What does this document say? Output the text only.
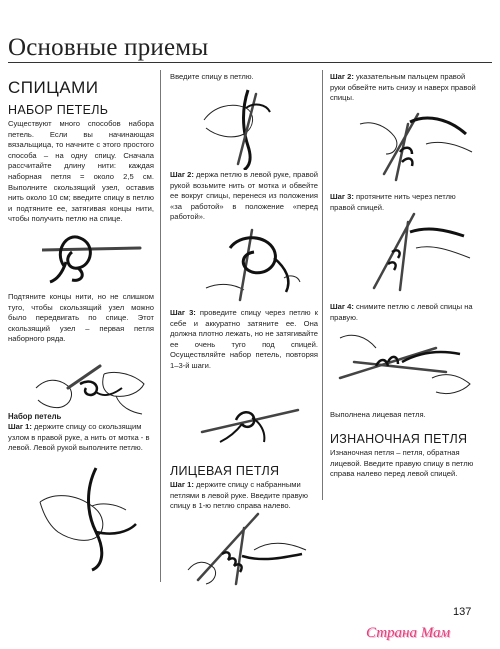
Основные приемы
СПИЦАМИ
НАБОР ПЕТЕЛЬ
Существуют много способов набора петель. Если вы начинающая вязальщица, то начните с этого простого способа – на одну спицу. Сначала рассчитайте длину нити: каждая наборная петля = около 2,5 см. Выполните скользящий узел, оставив нить около 10 см; введите спицу в петлю и подтяните ее, затягивая концы нити, чтобы получить петлю на спице.
Подтяните концы нити, но не слишком туго, чтобы скользящий узел можно было передвигать по спице. Этот скользящий узел – первая петля наборного ряда.
Набор петель
Шаг 1: держите спицу со скользящим узлом в правой руке, а нить от мотка - в левой. Левой рукой выполните петлю.
Введите спицу в петлю.
Шаг 2: держа петлю в левой руке, правой рукой возьмите нить от мотка и обвейте ее вокруг спицы, перенеся из положения «за работой» в положение «перед работой».
Шаг 3: проведите спицу через петлю к себе и аккуратно затяните ее. Она должна плотно лежать, но не затягивайте ее очень туго под спицей. Осуществляйте набор петель, повторяя 1–3-й шаги.
ЛИЦЕВАЯ ПЕТЛЯ
Шаг 1: держите спицу с набранными петлями в левой руке. Введите правую спицу в 1-ю петлю справа налево.
Шаг 2: указательным пальцем правой руки обвейте нить снизу и наверх правой спицы.
Шаг 3: протяните нить через петлю правой спицей.
Шаг 4: снимите петлю с левой спицы на правую.
Выполнена лицевая петля.
ИЗНАНОЧНАЯ ПЕТЛЯ
Изнаночная петля – петля, обратная лицевой. Введите правую спицу в петлю справа налево перед левой спицей.
137
Страна Мам
